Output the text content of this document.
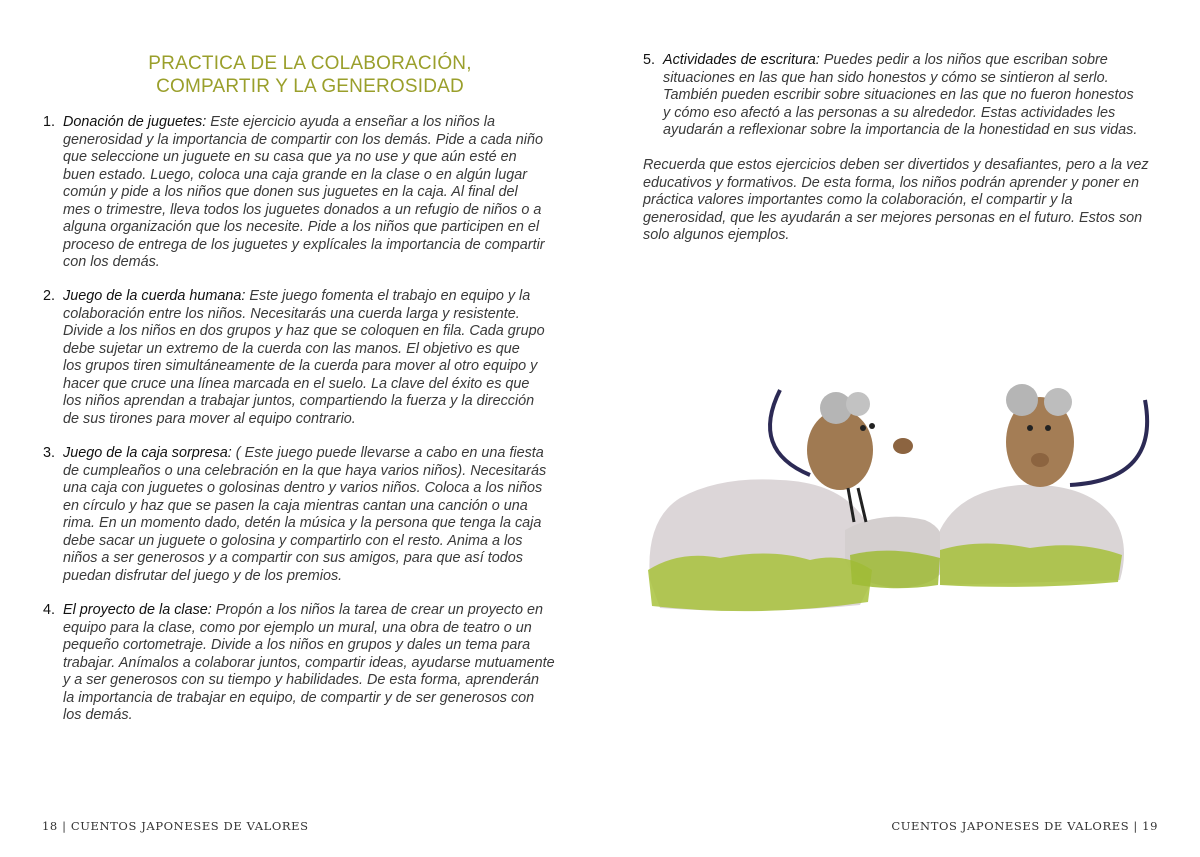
PRACTICA DE LA COLABORACIÓN,
COMPARTIR Y LA GENEROSIDAD
1. Donación de juguetes: Este ejercicio ayuda a enseñar a los niños la
generosidad y la importancia de compartir con los demás. Pide a cada niño
que seleccione un juguete en su casa que ya no use y que aún esté en
buen estado. Luego, coloca una caja grande en la clase o en algún lugar
común y pide a los niños que donen sus juguetes en la caja. Al final del
mes o trimestre, lleva todos los juguetes donados a un refugio de niños o a
alguna organización que los necesite. Pide a los niños que participen en el
proceso de entrega de los juguetes y explícales la importancia de compartir
con los demás.
2. Juego de la cuerda humana: Este juego fomenta el trabajo en equipo y la
colaboración entre los niños. Necesitarás una cuerda larga y resistente.
Divide a los niños en dos grupos y haz que se coloquen en fila. Cada grupo
debe sujetar un extremo de la cuerda con las manos. El objetivo es que
los grupos tiren simultáneamente de la cuerda para mover al otro equipo y
hacer que cruce una línea marcada en el suelo. La clave del éxito es que
los niños aprendan a trabajar juntos, compartiendo la fuerza y la dirección
de sus tirones para mover al equipo contrario.
3. Juego de la caja sorpresa: ( Este juego puede llevarse a cabo en una fiesta
de cumpleaños o una celebración en la que haya varios niños). Necesitarás
una caja con juguetes o golosinas dentro y varios niños. Coloca a los niños
en círculo y haz que se pasen la caja mientras cantan una canción o una
rima. En un momento dado, detén la música y la persona que tenga la caja
debe sacar un juguete o golosina y compartirlo con el resto. Anima a los
niños a ser generosos y a compartir con sus amigos, para que así todos
puedan disfrutar del juego y de los premios.
4. El proyecto de la clase: Propón a los niños la tarea de crear un proyecto en
equipo para la clase, como por ejemplo un mural, una obra de teatro o un
pequeño cortometraje. Divide a los niños en grupos y dales un tema para
trabajar. Anímalos a colaborar juntos, compartir ideas, ayudarse mutuamente
y a ser generosos con su tiempo y habilidades. De esta forma, aprenderán
la importancia de trabajar en equipo, de compartir y de ser generosos con
los demás.
18 | CUENTOS JAPONESES DE VALORES
5. Actividades de escritura: Puedes pedir a los niños que escriban sobre
situaciones en las que han sido honestos y cómo se sintieron al serlo.
También pueden escribir sobre situaciones en las que no fueron honestos
y cómo eso afectó a las personas a su alrededor. Estas actividades les
ayudarán a reflexionar sobre la importancia de la honestidad en sus vidas.
Recuerda que estos ejercicios deben ser divertidos y desafiantes, pero a la vez educativos y formativos. De esta forma, los niños podrán aprender y poner en práctica valores importantes como la colaboración, el compartir y la generosidad, que les ayudarán a ser mejores personas en el futuro. Estos son solo algunos ejemplos.
CUENTOS JAPONESES DE VALORES | 19
